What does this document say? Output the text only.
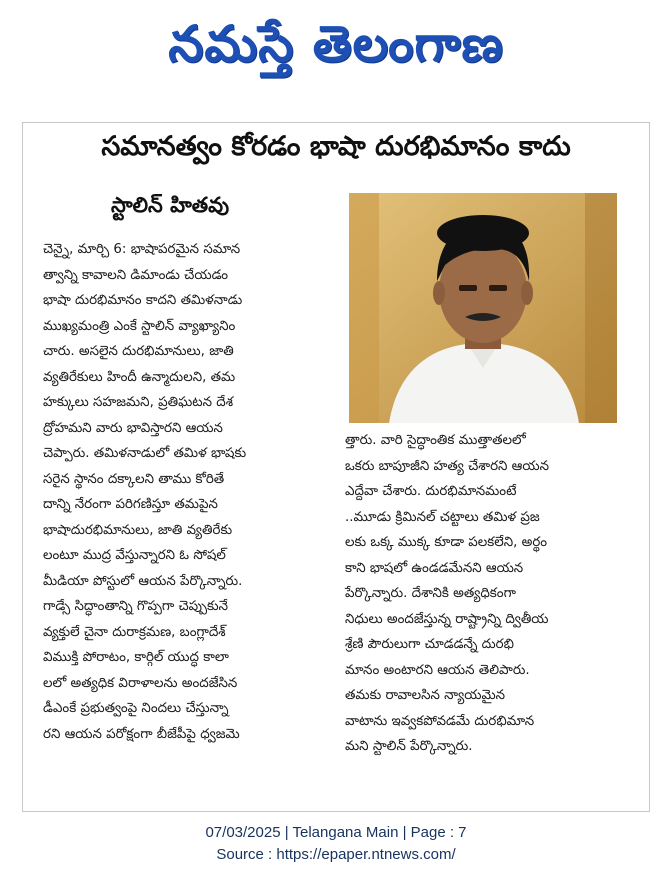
నమస్తే తెలంగాణ
సమానత్వం కోరడం భాషా దురభిమానం కాదు
స్టాలిన్ హితవు

చెన్నై, మార్చి 6: భాషాపరమైన సమాన

త్వాన్ని కావాలని డిమాండు చేయడం

భాషా దురభిమానం కాదని తమిళనాడు

ముఖ్యమంత్రి ఎంకే స్టాలిన్ వ్యాఖ్యానిం

చారు. అసలైన దురభిమానులు, జాతి

వ్యతిరేకులు హిందీ ఉన్మాదులని, తమ

హక్కులు సహజమని, ప్రతిఘటన దేశ

ద్రోహమని వారు భావిస్తారని ఆయన

చెప్పారు. తమిళనాడులో తమిళ భాషకు

సరైన స్థానం దక్కాలని తాము కోరితే

దాన్ని నేరంగా పరిగణిస్తూ తమపైన

భాషాదురభిమానులు, జాతి వ్యతిరేకు

లంటూ ముద్ర వేస్తున్నారని ఓ సోషల్

మీడియా పోస్టులో ఆయన పేర్కొన్నారు.

గాడ్సే సిద్ధాంతాన్ని గొప్పగా చెప్పుకునే

వ్యక్తులే చైనా దురాక్రమణ, బంగ్లాదేశ్

విముక్తి పోరాటం, కార్గిల్ యుద్ధ కాలా

లలో అత్యధిక విరాళాలను అందజేసిన

డీఎంకే ప్రభుత్వంపై నిందలు చేస్తున్నా

రని ఆయన పరోక్షంగా బీజేపీపై ధ్వజమె

త్తారు. వారి సైద్ధాంతిక ముత్తాతలలో

ఒకరు బాపూజీని హత్య చేశారని ఆయన

ఎద్దేవా చేశారు. దురభిమానమంటే

..మూడు క్రిమినల్ చట్టాలు తమిళ ప్రజ

లకు ఒక్క ముక్క కూడా పలకలేని, అర్థం

కాని భాషలో ఉండడమేనని ఆయన

పేర్కొన్నారు. దేశానికి అత్యధికంగా

నిధులు అందజేస్తున్న రాష్ట్రాన్ని ద్వితీయ

శ్రేణి పౌరులుగా చూడడన్నే దురభి

మానం అంటారని ఆయన తెలిపారు.

తమకు రావాలసిన న్యాయమైన

వాటాను ఇవ్వకపోవడమే దురభిమాన

మని స్టాలిన్ పేర్కొన్నారు.

07/03/2025 | Telangana Main | Page : 7
Source : https://epaper.ntnews.com/
